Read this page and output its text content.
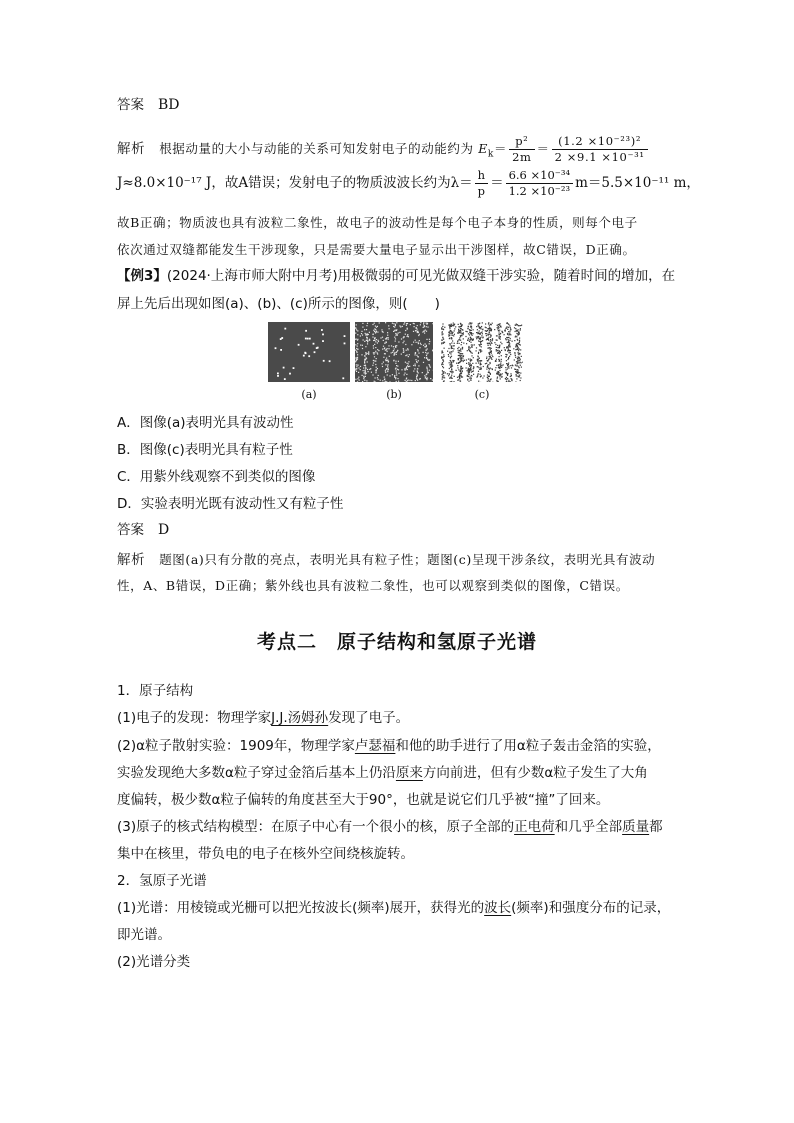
答案 BD
解析 根据动量的大小与动能的关系可知发射电子的动能约为 $E_k= \frac{\text{p²}}{2m} = \frac{\text{(1.2 ×10⁻²³)²}}{\text{2 ×9.1 ×10⁻³¹}}$
J≈8.0×10⁻¹⁷ J，故A错误；发射电子的物质波波长约为$\lambda= \frac{h}{p} = \frac{\text{6.6 ×10⁻³⁴}}{\text{1.2 ×10⁻²³}} m=5.5\times 10^{-11}$ m，
故B正确；物质波也具有波粒二象性，故电子的波动性是每个电子本身的性质，则每个电子
依次通过双缝都能发生干涉现象，只是需要大量电子显示出干涉图样，故C错误，D正确。
【例3】(2024·上海市师大附中月考)用极微弱的可见光做双缝干涉实验，随着时间的增加，在
屏上先后出现如图(a)、(b)、(c)所示的图像，则(　　)
(a)	(b)	(c)
A．图像(a)表明光具有波动性
B．图像(c)表明光具有粒子性
C．用紫外线观察不到类似的图像
D．实验表明光既有波动性又有粒子性
答案 D
解析 题图(a)只有分散的亮点，表明光具有粒子性；题图(c)呈现干涉条纹，表明光具有波动
性，A、B错误，D正确；紫外线也具有波粒二象性，也可以观察到类似的图像，C错误。
考点二　原子结构和氢原子光谱
1．原子结构
(1)电子的发现：物理学家J.J.汤姆孙发现了电子。
(2)α粒子散射实验：1909年，物理学家卢瑟福和他的助手进行了用α粒子轰击金箔的实验，
实验发现绝大多数α粒子穿过金箔后基本上仍沿原来方向前进，但有少数α粒子发生了大角
度偏转，极少数α粒子偏转的角度甚至大于90°，也就是说它们几乎被“撞”了回来。
(3)原子的核式结构模型：在原子中心有一个很小的核，原子全部的正电荷和几乎全部质量都
集中在核里，带负电的电子在核外空间绕核旋转。
2．氢原子光谱
(1)光谱：用棱镜或光栅可以把光按波长(频率)展开，获得光的波长(频率)和强度分布的记录，
即光谱。
(2)光谱分类
